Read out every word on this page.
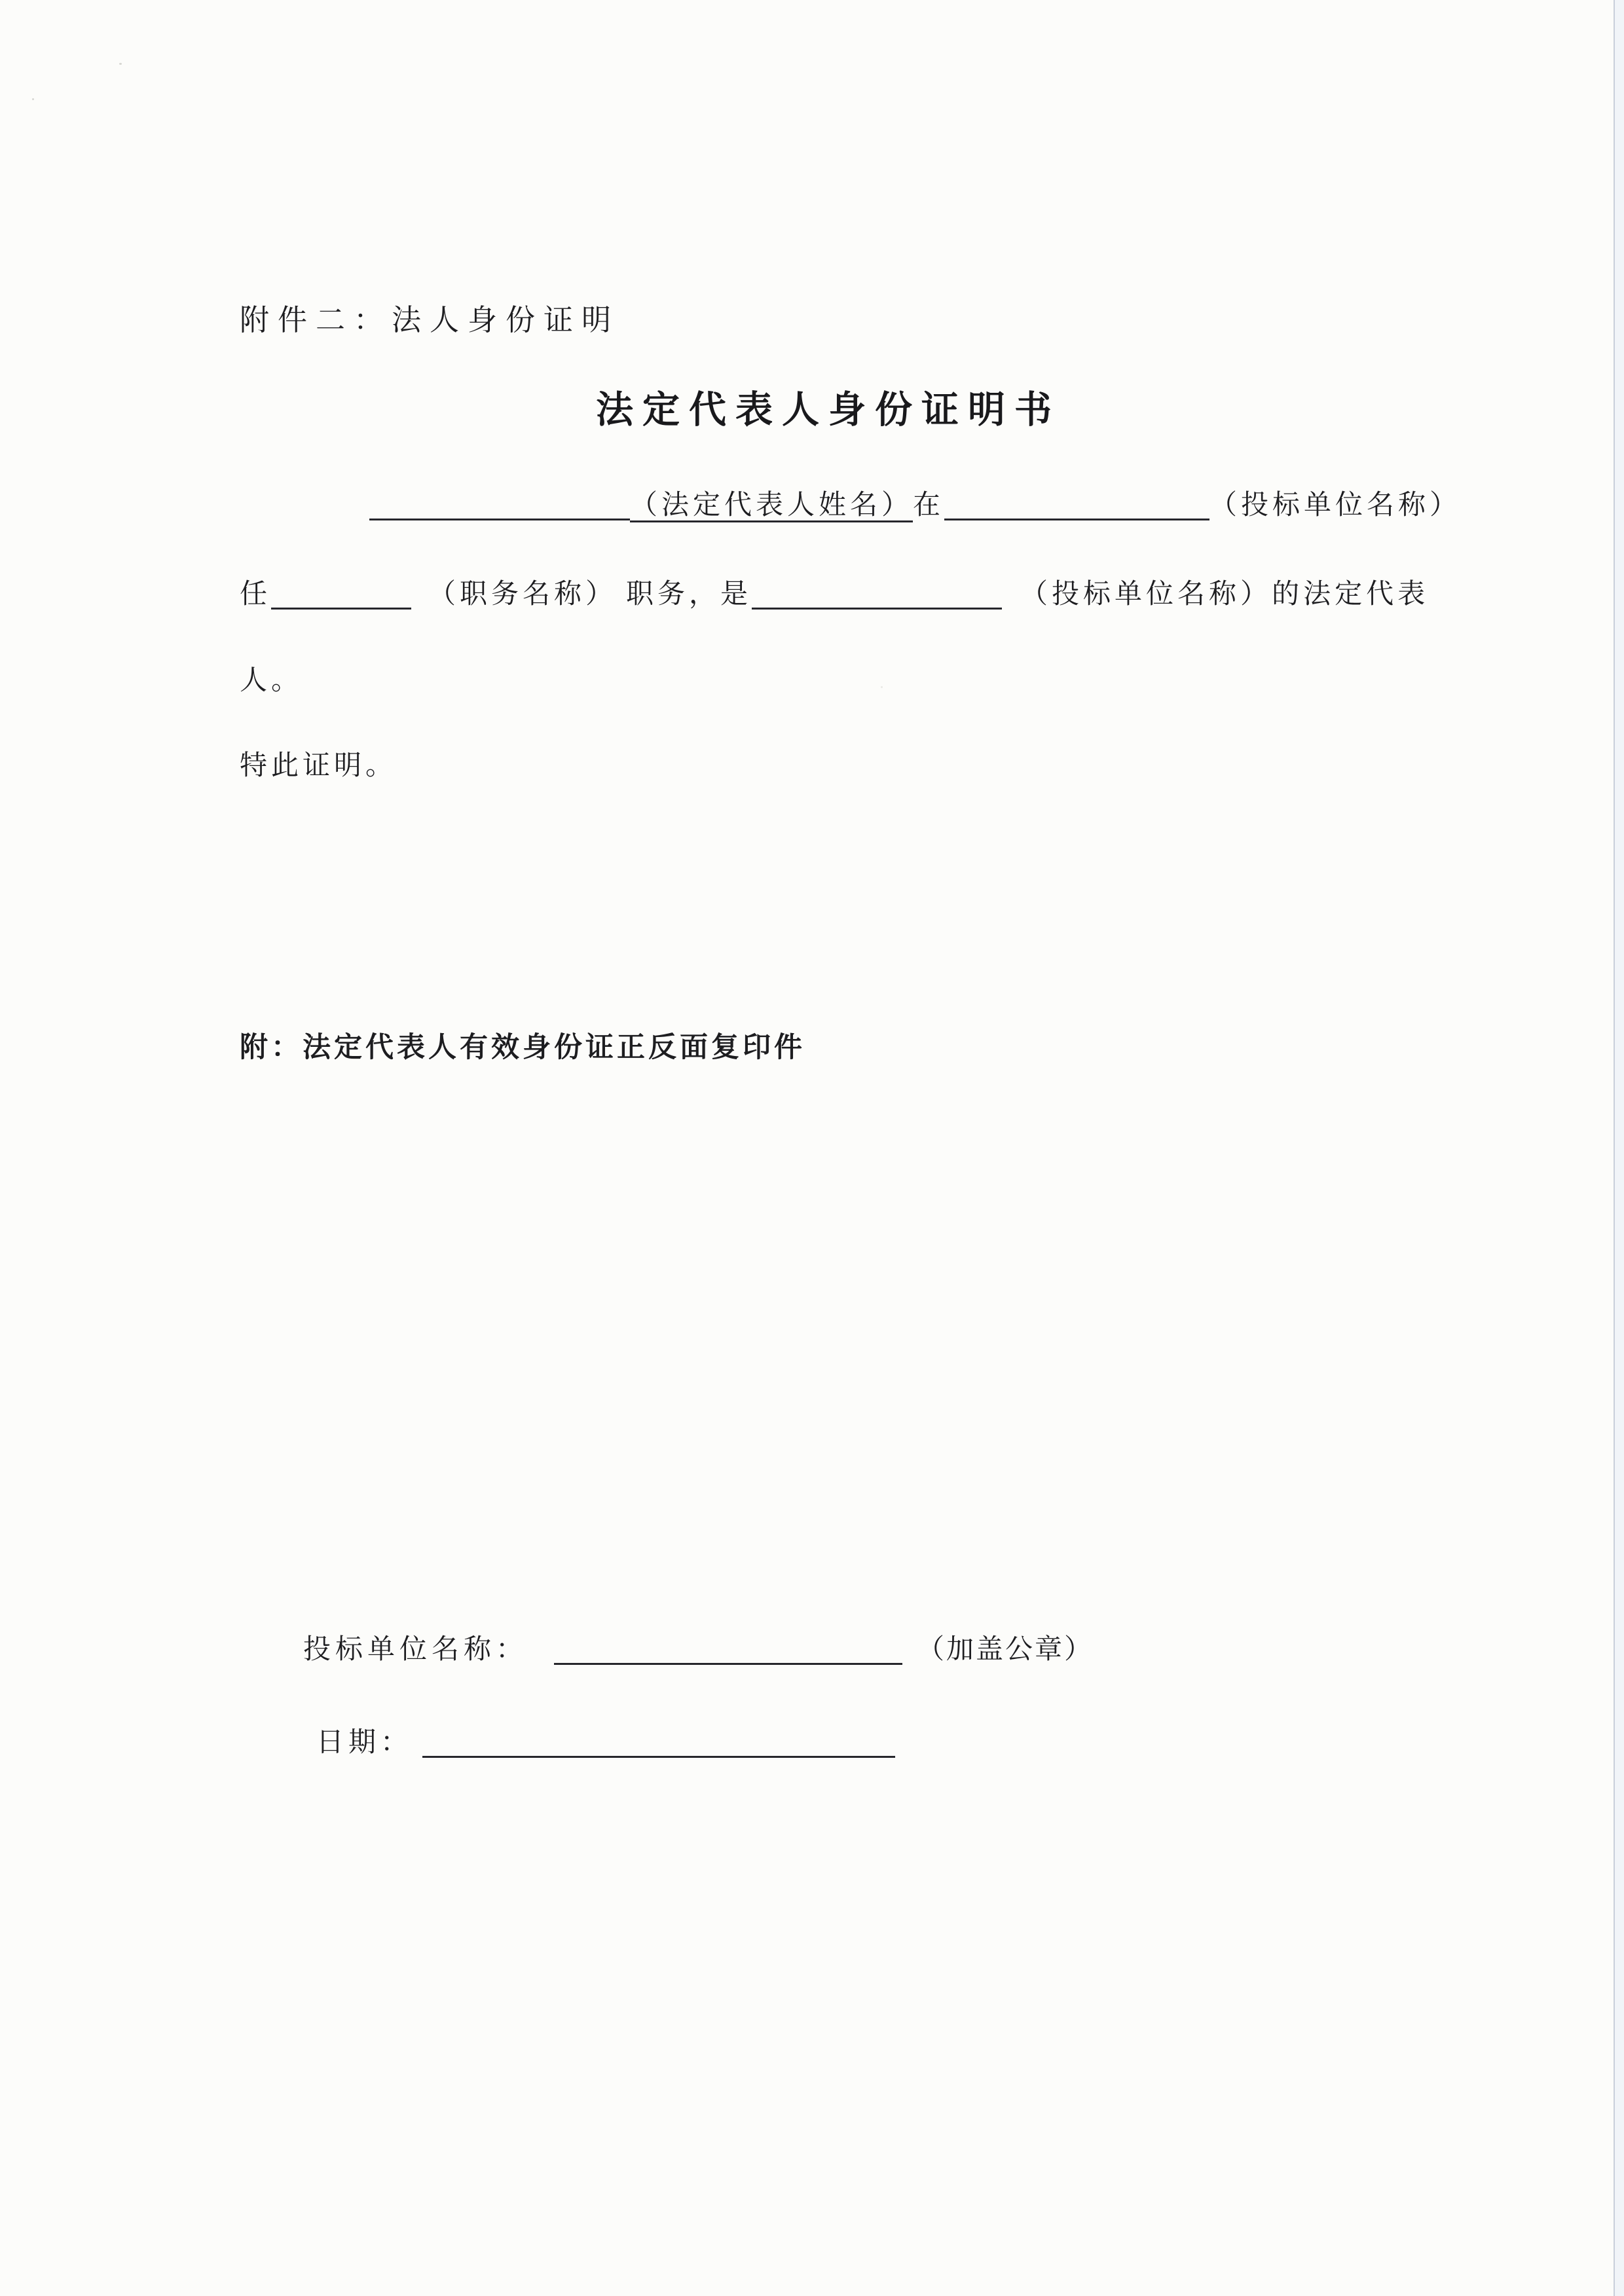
附件二：法人身份证明
法定代表人身份证明书
（法定代表人姓名）在	（投标单位名称）
任	（职务名称） 职务，是	（投标单位名称）的法定代表
人。
特此证明。
附：法定代表人有效身份证正反面复印件
投标单位名称：	（加盖公章）
日期：
